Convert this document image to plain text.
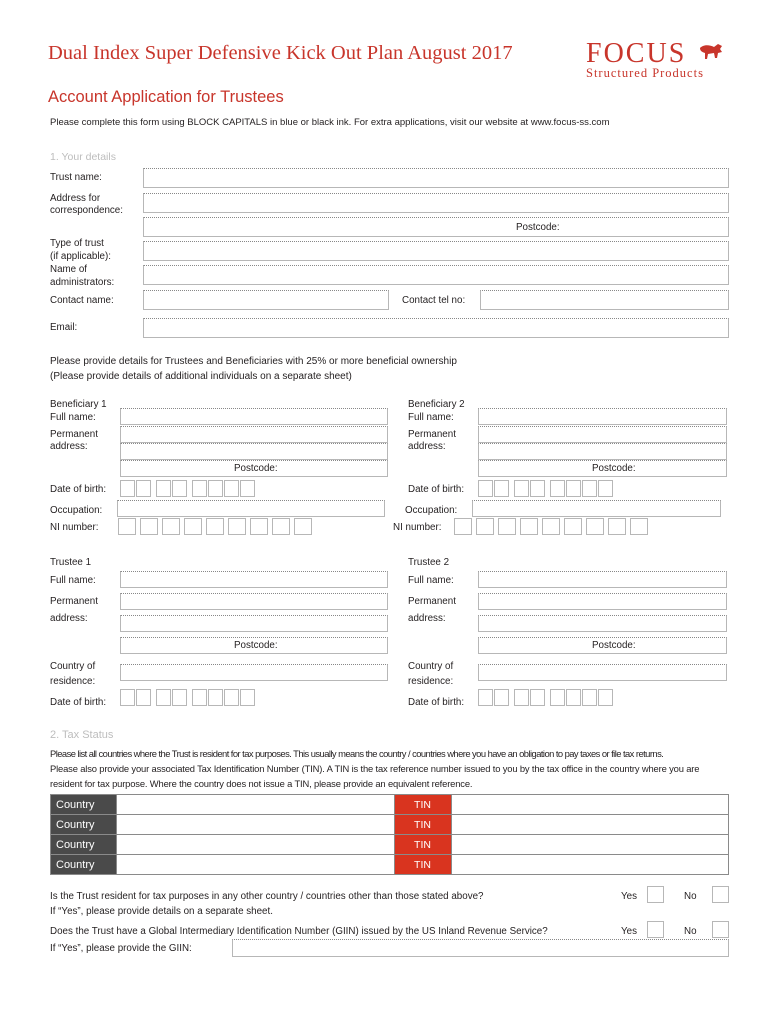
Dual Index Super Defensive Kick Out Plan August 2017	FOCUS
Structured Products
Account Application for Trustees
Please complete this form using BLOCK CAPITALS in blue or black ink. For extra applications, visit our website at www.focus-ss.com
1. Your details
Trust name:
Address for
correspondence:
Postcode:
Type of trust
(if applicable):
Name of
administrators:
Contact name:	Contact tel no:
Email:
Please provide details for Trustees and Beneficiaries with 25% or more beneficial ownership
(Please provide details of additional individuals on a separate sheet)
Beneficiary 1
Full name:
Permanent
address:
Postcode:
Date of birth:
Occupation:
NI number:
Beneficiary 2
Full name:
Permanent
address:
Postcode:
Date of birth:
Occupation:
NI number:
Trustee 1
Full name:
Permanent
address:
Postcode:
Country of
residence:
Date of birth:
Trustee 2
Full name:
Permanent
address:
Postcode:
Country of
residence:
Date of birth:
2. Tax Status
Please list all countries where the Trust is resident for tax purposes. This usually means the country / countries where you have an obligation to pay taxes or file tax returns.
Please also provide your associated Tax Identification Number (TIN). A TIN is the tax reference number issued to you by the tax office in the country where you are
resident for tax purpose. Where the country does not issue a TIN, please provide an equivalent reference.
Country		TIN	
Country		TIN	
Country		TIN	
Country		TIN	
Is the Trust resident for tax purposes in any other country / countries other than those stated above?
If “Yes”, please provide details on a separate sheet.
Yes	No
Does the Trust have a Global Intermediary Identification Number (GIIN) issued by the US Inland Revenue Service?	Yes	No
If “Yes”, please provide the GIIN:
